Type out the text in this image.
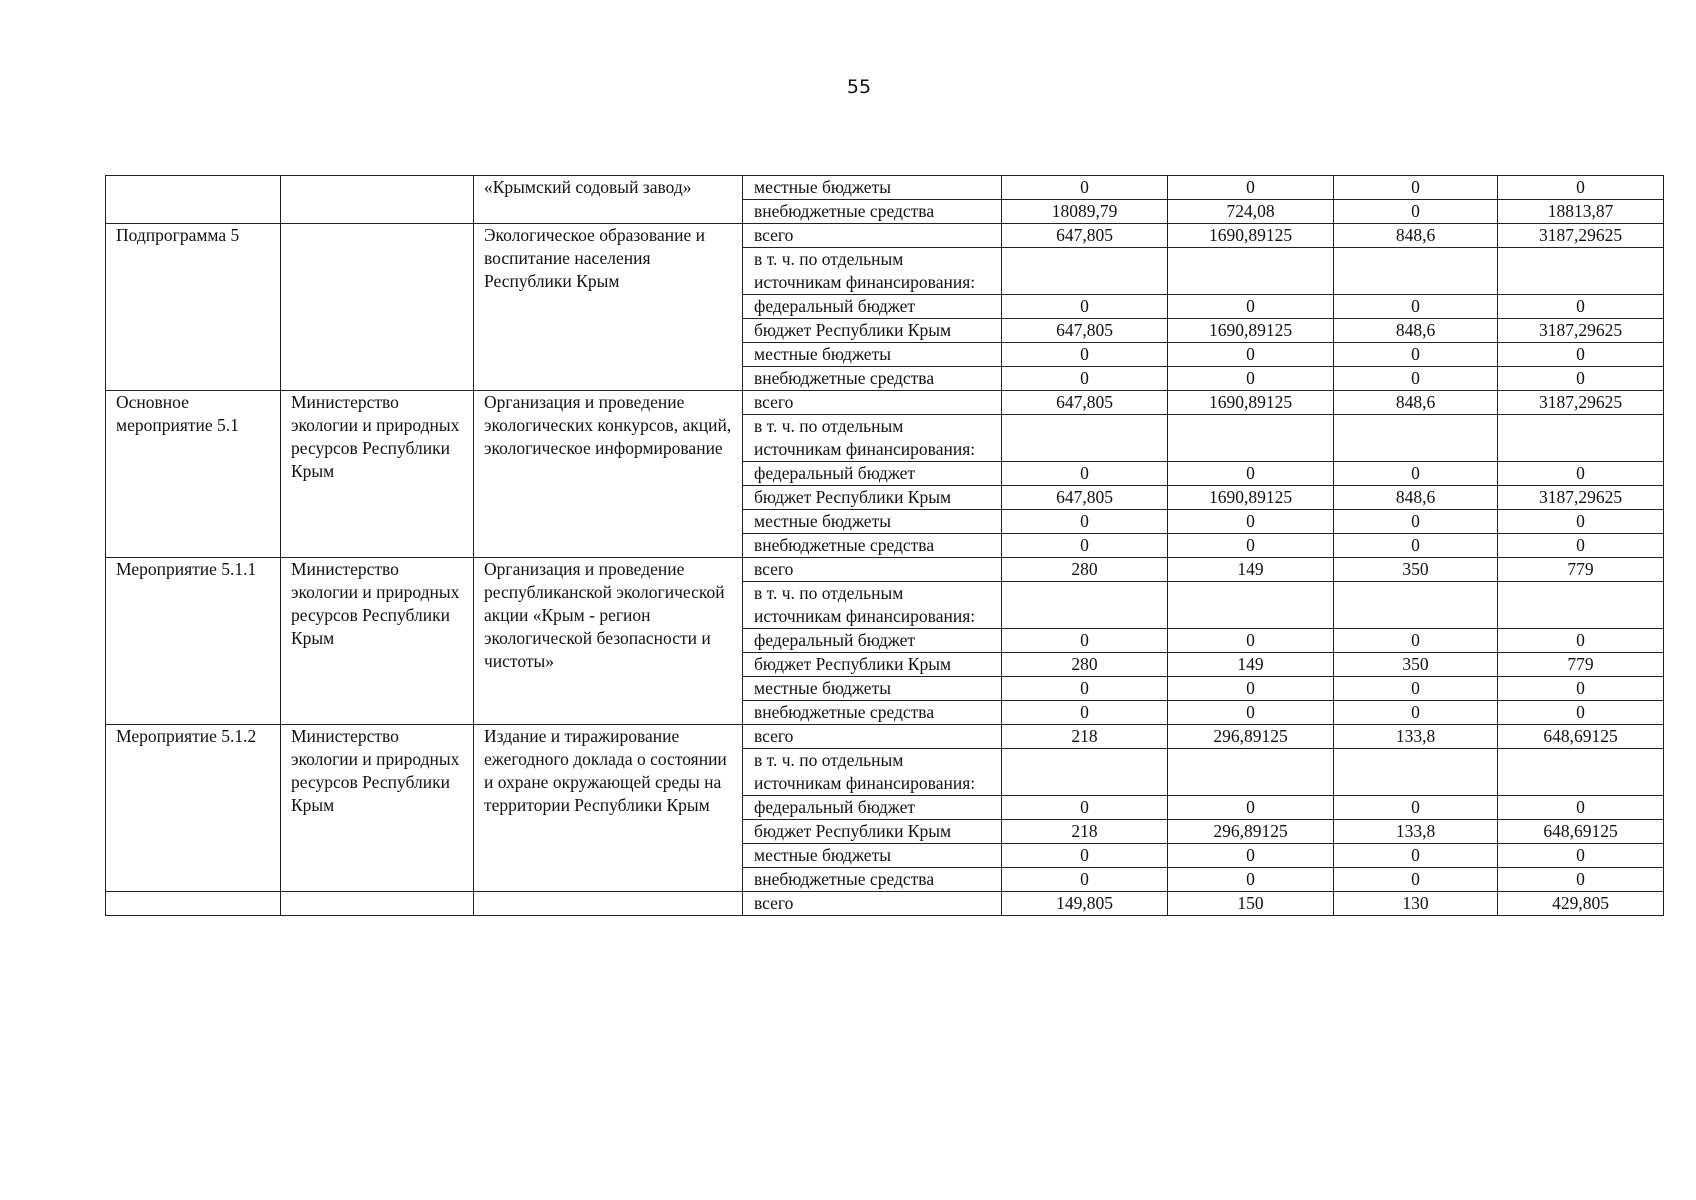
55
		«Крымский содовый завод»	местные бюджеты	0	0	0	0
			внебюджетные средства	18089,79	724,08	0	18813,87
Подпрограмма 5		Экологическое образование и воспитание населения Республики Крым	всего	647,805	1690,89125	848,6	3187,29625
			в т. ч. по отдельным источникам финансирования:				
			федеральный бюджет	0	0	0	0
			бюджет Республики Крым	647,805	1690,89125	848,6	3187,29625
			местные бюджеты	0	0	0	0
			внебюджетные средства	0	0	0	0
Основное мероприятие 5.1	Министерство экологии и природных ресурсов Республики Крым	Организация и проведение экологических конкурсов, акций, экологическое информирование	всего	647,805	1690,89125	848,6	3187,29625
			в т. ч. по отдельным источникам финансирования:				
			федеральный бюджет	0	0	0	0
			бюджет Республики Крым	647,805	1690,89125	848,6	3187,29625
			местные бюджеты	0	0	0	0
			внебюджетные средства	0	0	0	0
Мероприятие 5.1.1	Министерство экологии и природных ресурсов Республики Крым	Организация и проведение республиканской экологической акции «Крым - регион экологической безопасности и чистоты»	всего	280	149	350	779
			в т. ч. по отдельным источникам финансирования:				
			федеральный бюджет	0	0	0	0
			бюджет Республики Крым	280	149	350	779
			местные бюджеты	0	0	0	0
			внебюджетные средства	0	0	0	0
Мероприятие 5.1.2	Министерство экологии и природных ресурсов Республики Крым	Издание и тиражирование ежегодного доклада о состоянии и охране окружающей среды на территории Республики Крым	всего	218	296,89125	133,8	648,69125
			в т. ч. по отдельным источникам финансирования:				
			федеральный бюджет	0	0	0	0
			бюджет Республики Крым	218	296,89125	133,8	648,69125
			местные бюджеты	0	0	0	0
			внебюджетные средства	0	0	0	0
			всего	149,805	150	130	429,805
